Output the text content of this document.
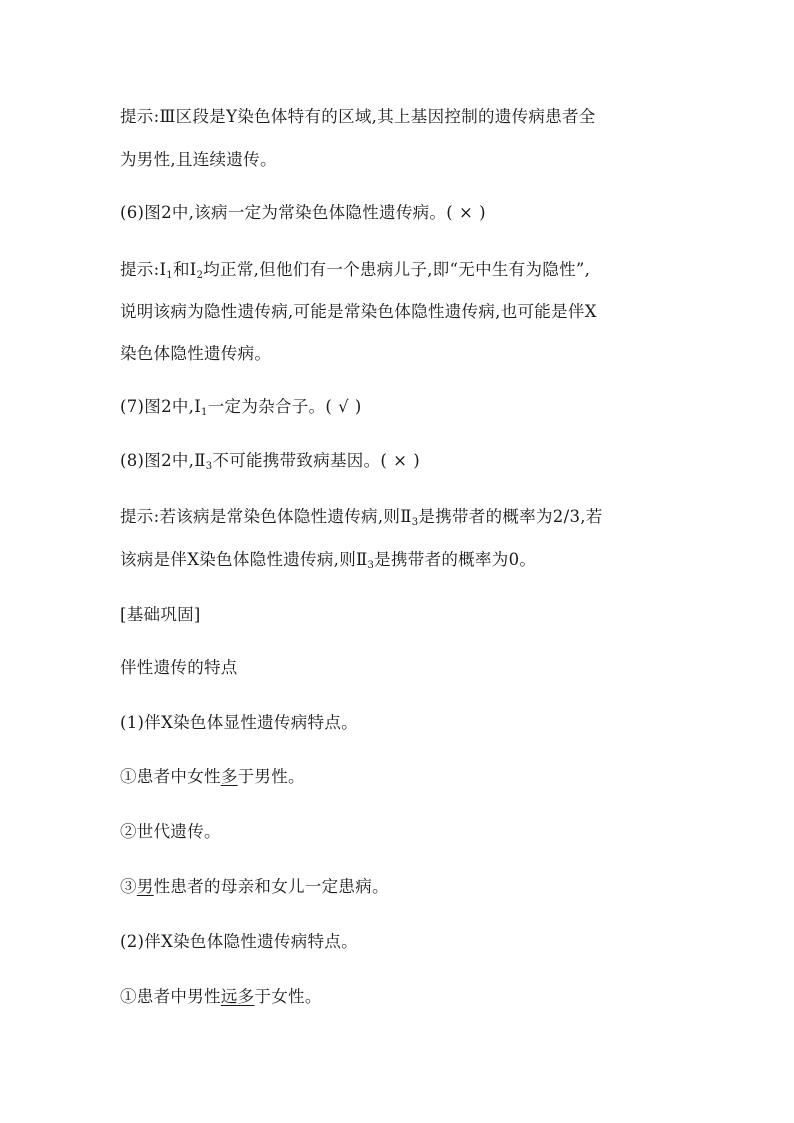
提示:Ⅲ区段是Y染色体特有的区域,其上基因控制的遗传病患者全
为男性,且连续遗传。
(6)图2中,该病一定为常染色体隐性遗传病。( × )
提示$:Ⅰ_1$和$Ⅰ_2$均正常,但他们有一个患病儿子,即“无中生有为隐性”,
说明该病为隐性遗传病,可能是常染色体隐性遗传病,也可能是伴X
染色体隐性遗传病。
(7)图2中$,Ⅰ_1$一定为杂合子。( √ )
(8)图2中$,Ⅱ_3$不可能携带致病基因。( × )
提示:若该病是常染色体隐性遗传病,则$Ⅱ_3$是携带者的概率为2/3,若
该病是伴X染色体隐性遗传病,则$Ⅱ_3$是携带者的概率为0。
[基础巩固]
伴性遗传的特点
(1)伴X染色体显性遗传病特点。
①患者中女性多于男性。
②世代遗传。
③男性患者的母亲和女儿一定患病。
(2)伴X染色体隐性遗传病特点。
①患者中男性远多于女性。
